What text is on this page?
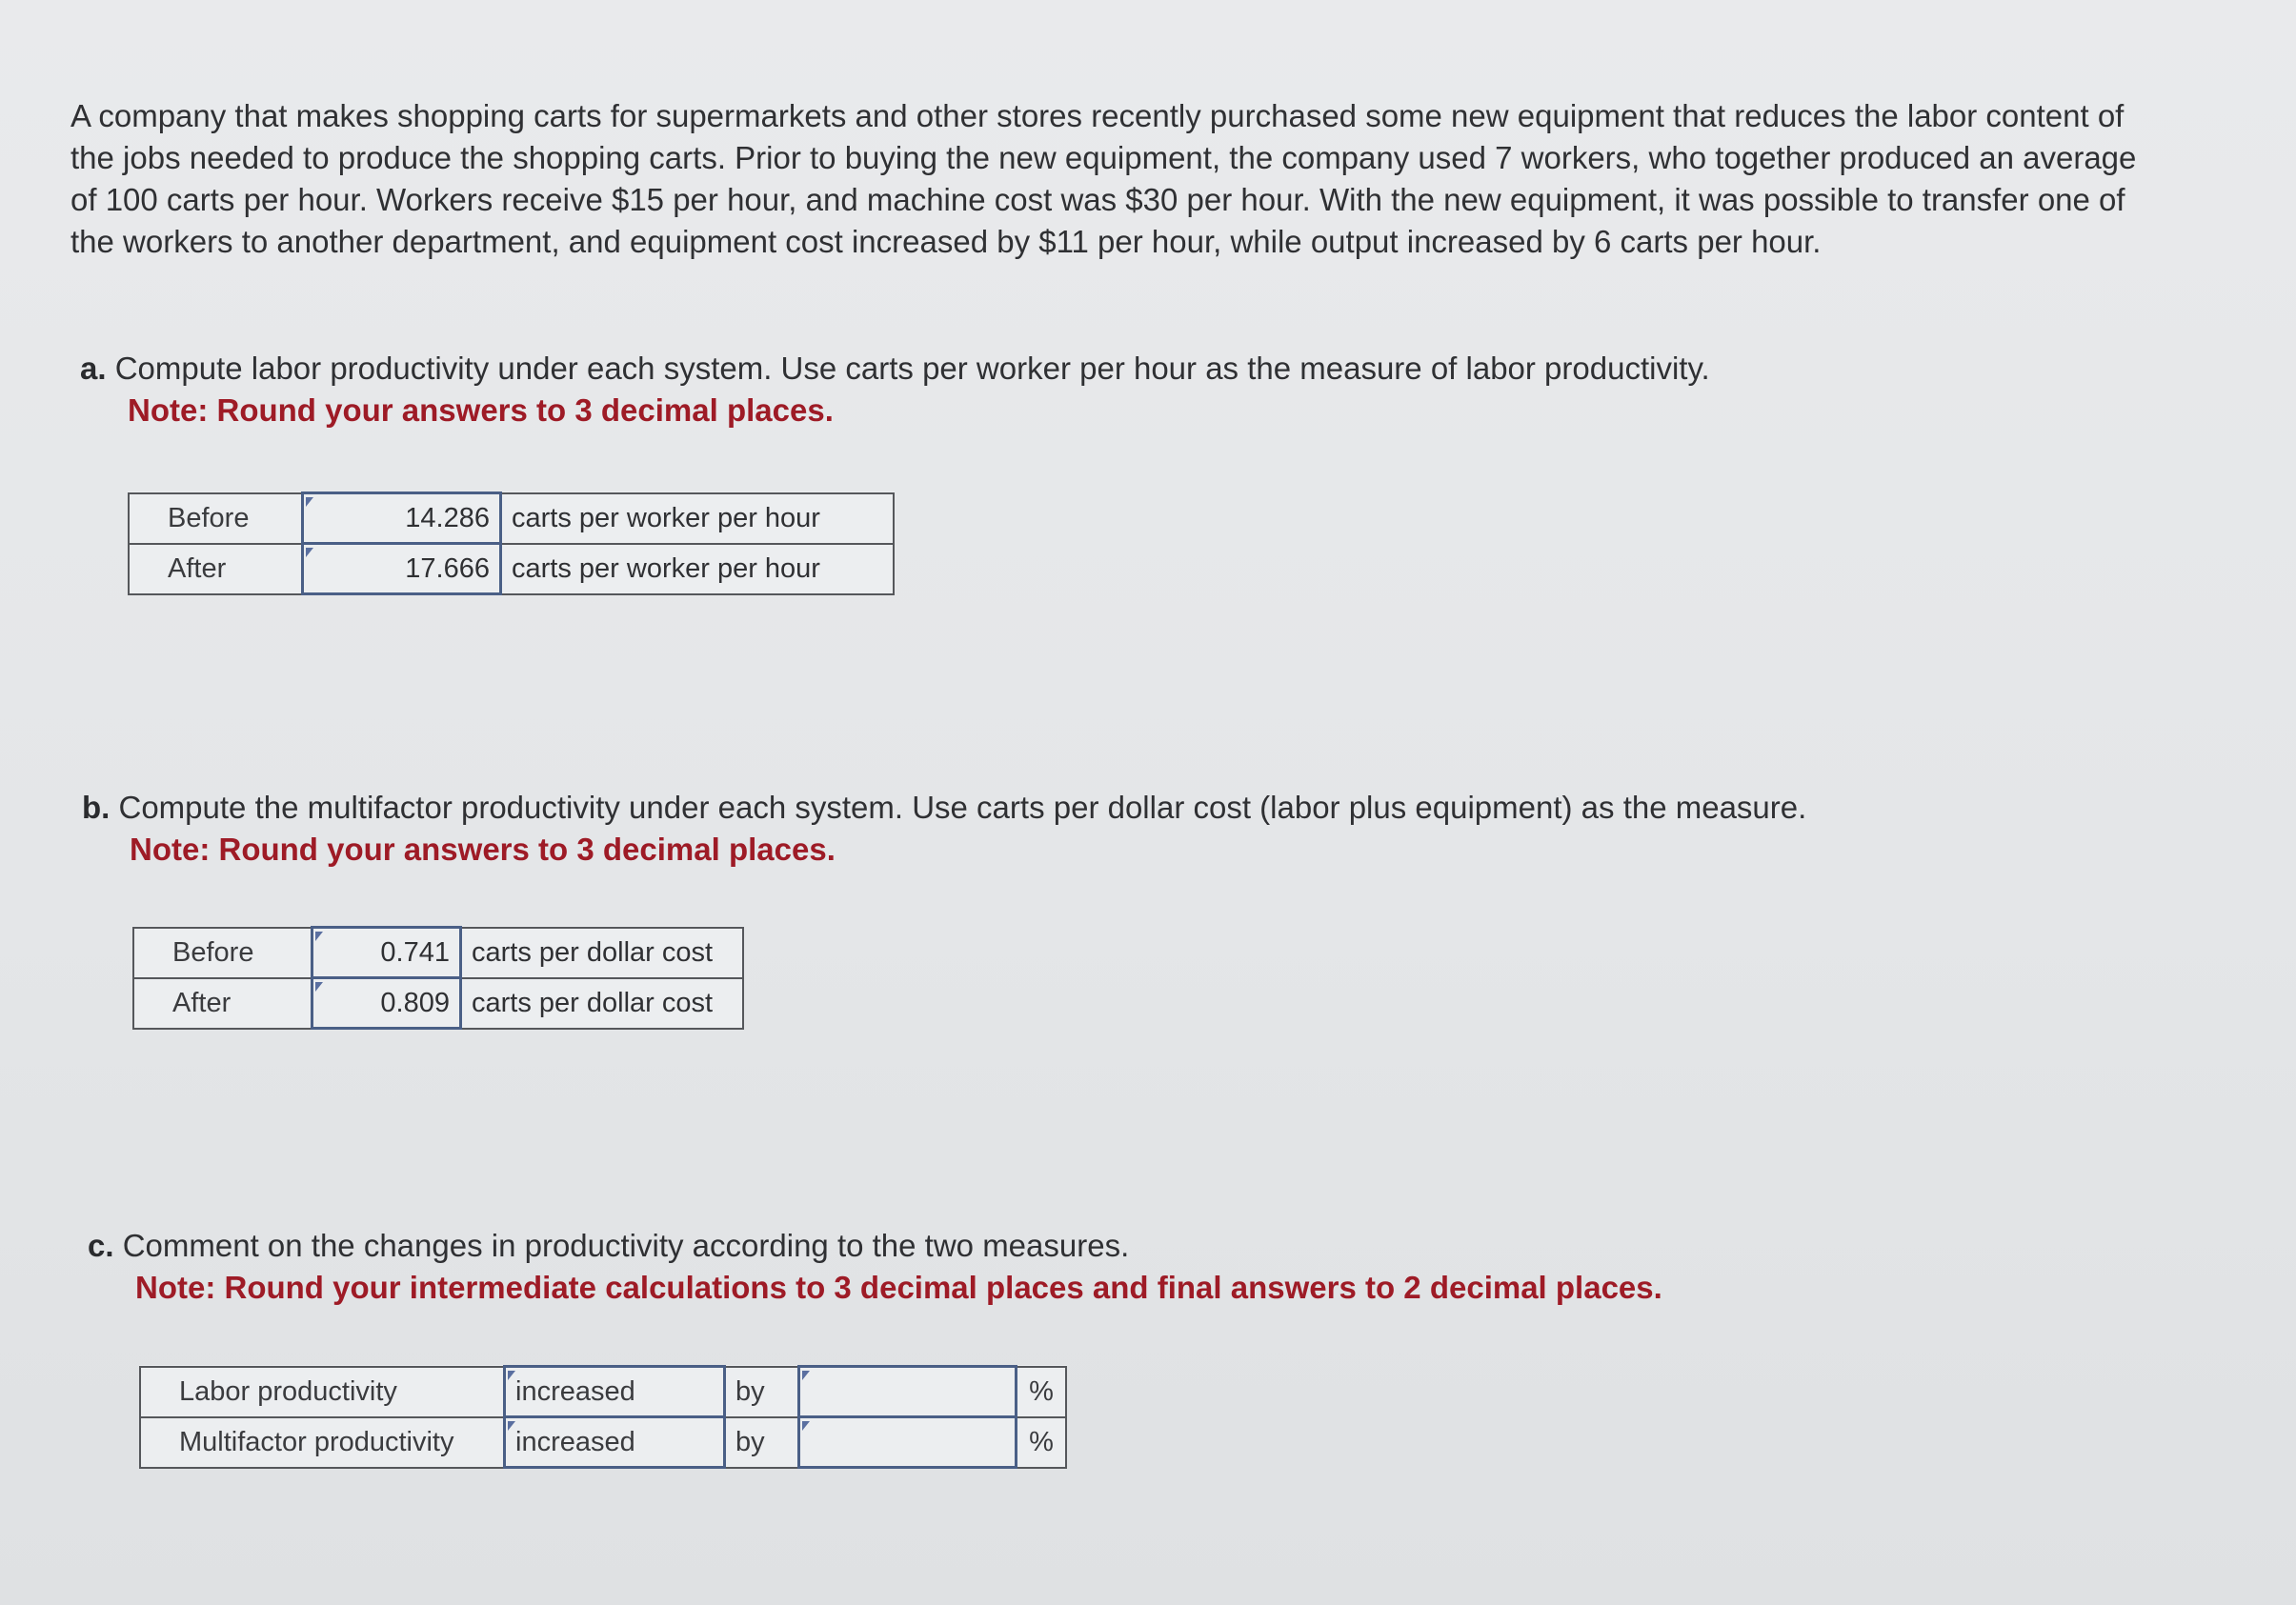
A company that makes shopping carts for supermarkets and other stores recently purchased some new equipment that reduces the labor content of the jobs needed to produce the shopping carts. Prior to buying the new equipment, the company used 7 workers, who together produced an average of 100 carts per hour. Workers receive $15 per hour, and machine cost was $30 per hour. With the new equipment, it was possible to transfer one of the workers to another department, and equipment cost increased by $11 per hour, while output increased by 6 carts per hour.

a. Compute labor productivity under each system. Use carts per worker per hour as the measure of labor productivity.
Note: Round your answers to 3 decimal places.
Before	14.286	carts per worker per hour
After	17.666	carts per worker per hour
b. Compute the multifactor productivity under each system. Use carts per dollar cost (labor plus equipment) as the measure.
Note: Round your answers to 3 decimal places.
Before	0.741	carts per dollar cost
After	0.809	carts per dollar cost
c. Comment on the changes in productivity according to the two measures.
Note: Round your intermediate calculations to 3 decimal places and final answers to 2 decimal places.
Labor productivity	increased	by		%
Multifactor productivity	increased	by		%
